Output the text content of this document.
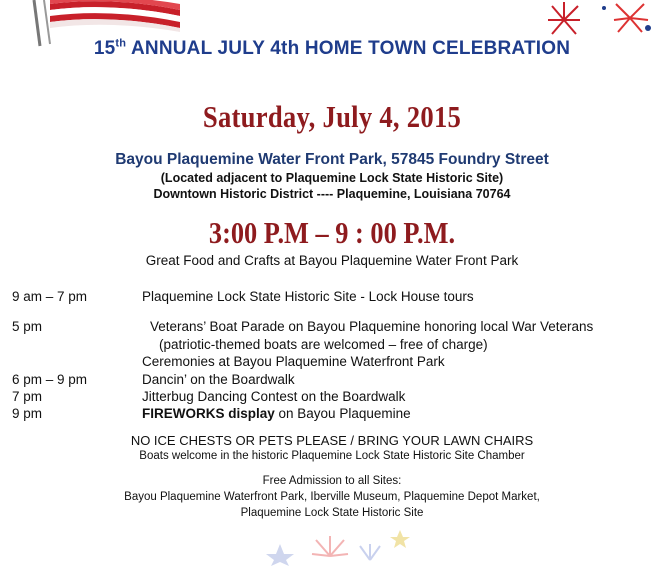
15th ANNUAL JULY 4th HOME TOWN CELEBRATION
Saturday, July 4, 2015
Bayou Plaquemine Water Front Park, 57845 Foundry Street
(Located adjacent to Plaquemine Lock State Historic Site)
Downtown Historic District ---- Plaquemine, Louisiana 70764
3:00 P.M – 9 : 00 P.M.
Great Food and Crafts at Bayou Plaquemine Water Front Park
9 am – 7 pm	Plaquemine Lock State Historic Site - Lock House tours
5 pm	Veterans’ Boat Parade on Bayou Plaquemine honoring local War Veterans
(patriotic-themed boats are welcomed – free of charge)
Ceremonies at Bayou Plaquemine Waterfront Park
6 pm – 9 pm	Dancin’ on the Boardwalk
7 pm	Jitterbug Dancing Contest on the Boardwalk
9 pm	FIREWORKS display on Bayou Plaquemine
NO ICE CHESTS OR PETS PLEASE / BRING YOUR LAWN CHAIRS
Boats welcome in the historic Plaquemine Lock State Historic Site Chamber
Free Admission to all Sites:
Bayou Plaquemine Waterfront Park, Iberville Museum, Plaquemine Depot Market,
Plaquemine Lock State Historic Site
